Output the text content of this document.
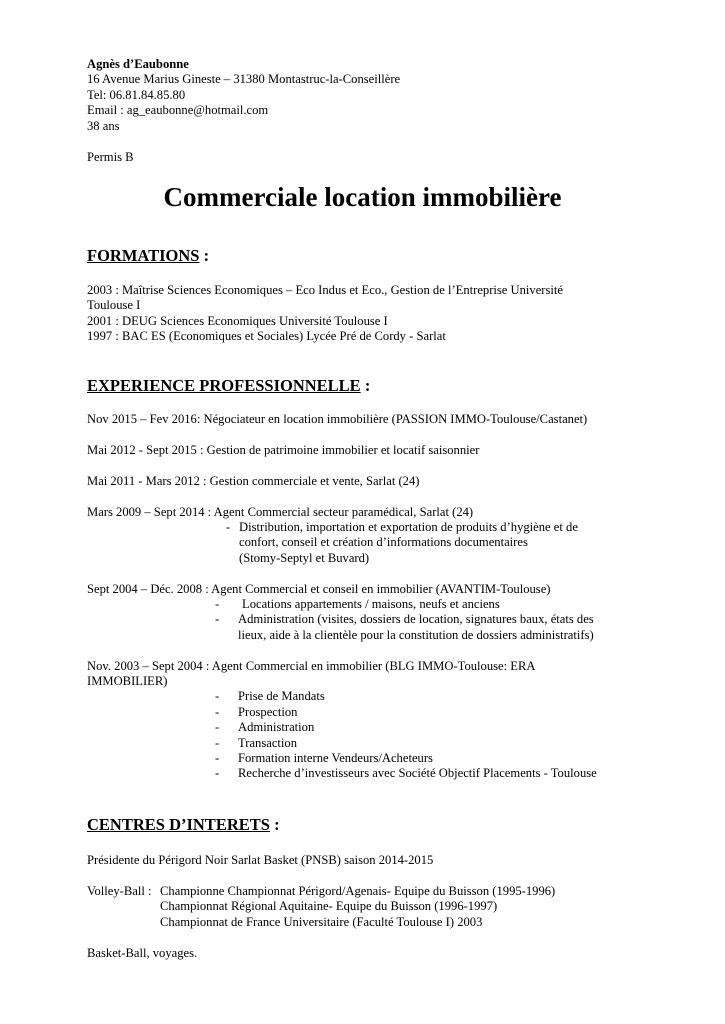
Agnès d’Eaubonne
16 Avenue Marius Gineste – 31380 Montastruc-la-Conseillère
Tel: 06.81.84.85.80
Email : ag_eaubonne@hotmail.com
38 ans
Permis B
Commerciale location immobilière
FORMATIONS :
2003 : Maîtrise Sciences Economiques – Eco Indus et Eco., Gestion de l’Entreprise Université
Toulouse I
2001 : DEUG Sciences Economiques Université Toulouse I
1997 : BAC ES (Economiques et Sociales) Lycée Pré de Cordy - Sarlat
EXPERIENCE PROFESSIONNELLE :
Nov 2015 – Fev 2016: Négociateur en location immobilière (PASSION IMMO-Toulouse/Castanet)
Mai 2012 - Sept 2015 : Gestion de patrimoine immobilier et locatif saisonnier
Mai 2011 - Mars 2012 : Gestion commerciale et vente, Sarlat (24)
Mars 2009 – Sept 2014 : Agent Commercial secteur paramédical, Sarlat (24)
- Distribution, importation et exportation de produits d’hygiène et de
confort, conseil et création d’informations documentaires
(Stomy-Septyl et Buvard)
Sept 2004 – Déc. 2008 : Agent Commercial et conseil en immobilier (AVANTIM-Toulouse)
- Locations appartements / maisons, neufs et anciens
- Administration (visites, dossiers de location, signatures baux, états des
lieux, aide à la clientèle pour la constitution de dossiers administratifs)
Nov. 2003 – Sept 2004 : Agent Commercial en immobilier (BLG IMMO-Toulouse: ERA
IMMOBILIER)
- Prise de Mandats
- Prospection
- Administration
- Transaction
- Formation interne Vendeurs/Acheteurs
- Recherche d’investisseurs avec Société Objectif Placements - Toulouse
CENTRES D’INTERETS :
Présidente du Périgord Noir Sarlat Basket (PNSB) saison 2014-2015
Volley-Ball : Championne Championnat Périgord/Agenais- Equipe du Buisson (1995-1996)
Championnat Régional Aquitaine- Equipe du Buisson (1996-1997)
Championnat de France Universitaire (Faculté Toulouse I) 2003
Basket-Ball, voyages.
